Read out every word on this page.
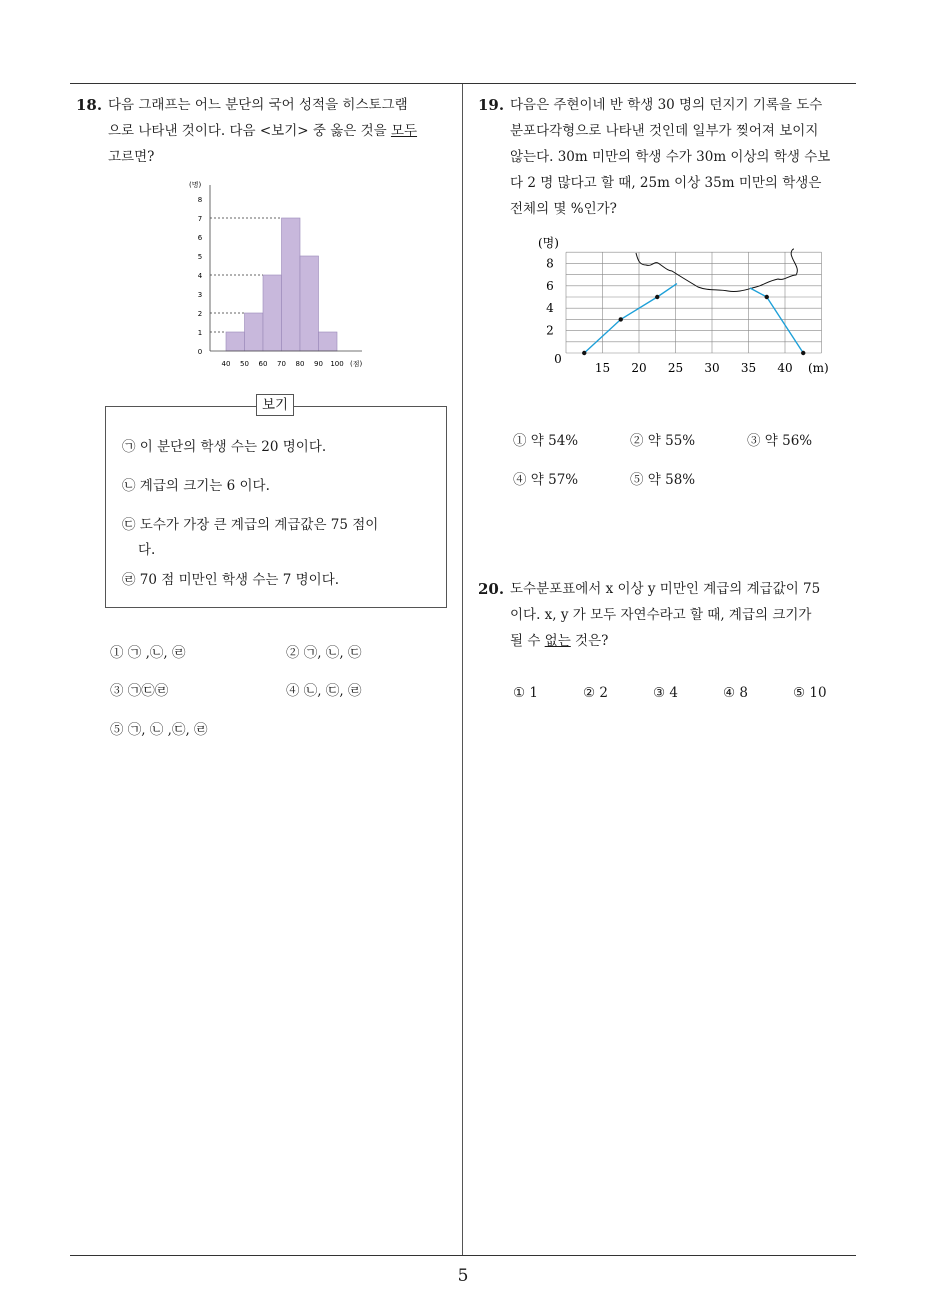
5
18. 다음 그래프는 어느 분단의 국어 성적을 히스토그램
으로 나타낸 것이다. 다음 <보기> 중 옳은 것을 모두
고르면?
(명)
(점)
8
7
6
5
4
3
2
1
0
40 50 60 70 80 90 100
보기
㉠ 이 분단의 학생 수는 20 명이다.
㉡ 계급의 크기는 6 이다.
㉢ 도수가 가장 큰 계급의 계급값은 75 점이
다.
㉣ 70 점 미만인 학생 수는 7 명이다.
① ㉠ ,㉡, ㉣	② ㉠, ㉡, ㉢
③ ㉠㉢㉣	④ ㉡, ㉢, ㉣
⑤ ㉠, ㉡ ,㉢, ㉣
19. 다음은 주현이네 반 학생 30 명의 던지기 기록을 도수
분포다각형으로 나타낸 것인데 일부가 찢어져 보이지
않는다. 30m 미만의 학생 수가 30m 이상의 학생 수보
다 2 명 많다고 할 때, 25m 이상 35m 미만의 학생은
전체의 몇 %인가?
(명)
(m)
8
6
4
2
0
15 20 25 30 35 40
① 약 54%	② 약 55%	③ 약 56%
④ 약 57%	⑤ 약 58%
20. 도수분포표에서 x 이상 y 미만인 계급의 계급값이 75
이다. x, y 가 모두 자연수라고 할 때, 계급의 크기가
될 수 없는 것은?
① 1	② 2	③ 4	④ 8	⑤ 10
